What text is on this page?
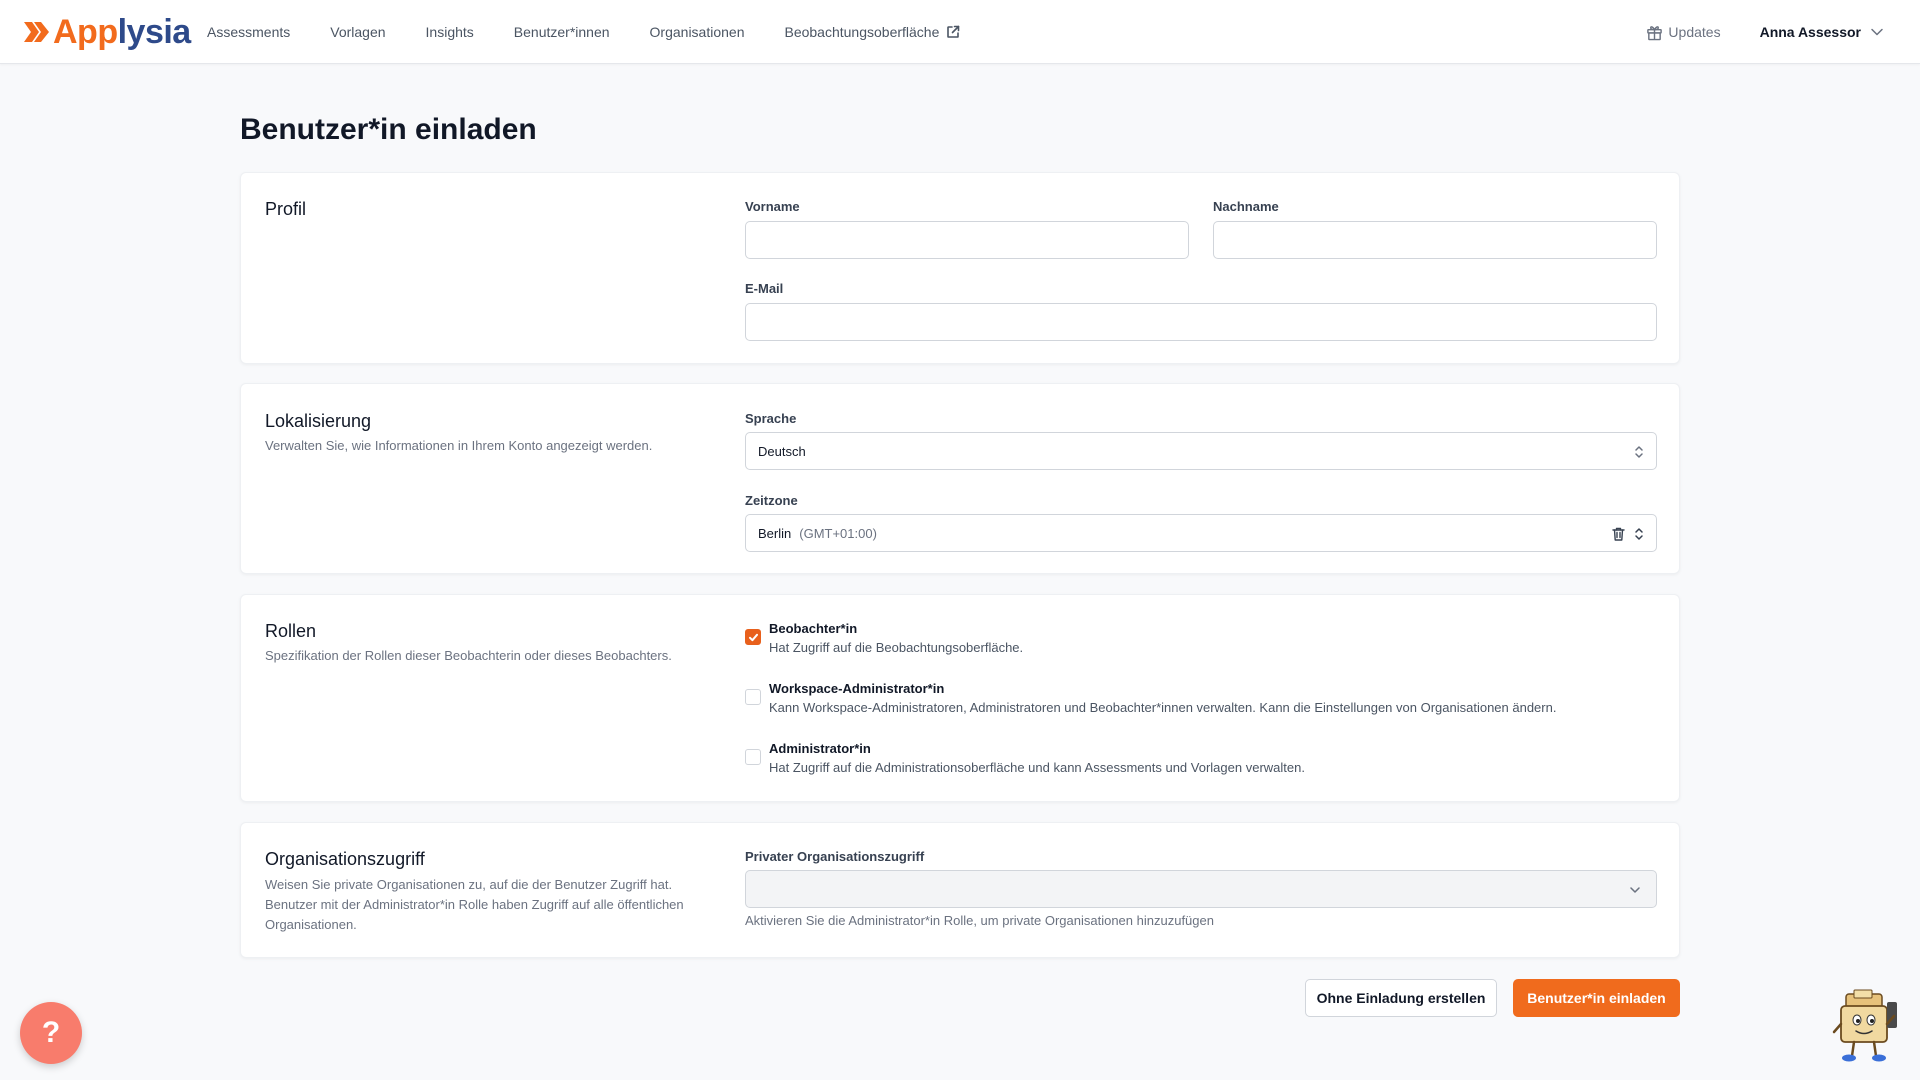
Applysia Assessments	Vorlagen	Insights	Benutzer*innen	Organisationen	Beobachtungsoberfläche	Updates	Anna Assessor
Benutzer*in einladen
Profil	Vorname	Nachname
E-Mail
Lokalisierung
Verwalten Sie, wie Informationen in Ihrem Konto angezeigt werden.
Sprache
Deutsch
Zeitzone
Berlin (GMT+01:00)
Rollen
Spezifikation der Rollen dieser Beobachterin oder dieses Beobachters.
Beobachter*in
Hat Zugriff auf die Beobachtungsoberfläche.
Workspace-Administrator*in
Kann Workspace-Administratoren, Administratoren und Beobachter*innen verwalten. Kann die Einstellungen von Organisationen ändern.
Administrator*in
Hat Zugriff auf die Administrationsoberfläche und kann Assessments und Vorlagen verwalten.
Organisationszugriff
Weisen Sie private Organisationen zu, auf die der Benutzer Zugriff hat. Benutzer mit der Administrator*in Rolle haben Zugriff auf alle öffentlichen Organisationen.
Privater Organisationszugriff
Aktivieren Sie die Administrator*in Rolle, um private Organisationen hinzuzufügen
Ohne Einladung erstellen	Benutzer*in einladen
?
